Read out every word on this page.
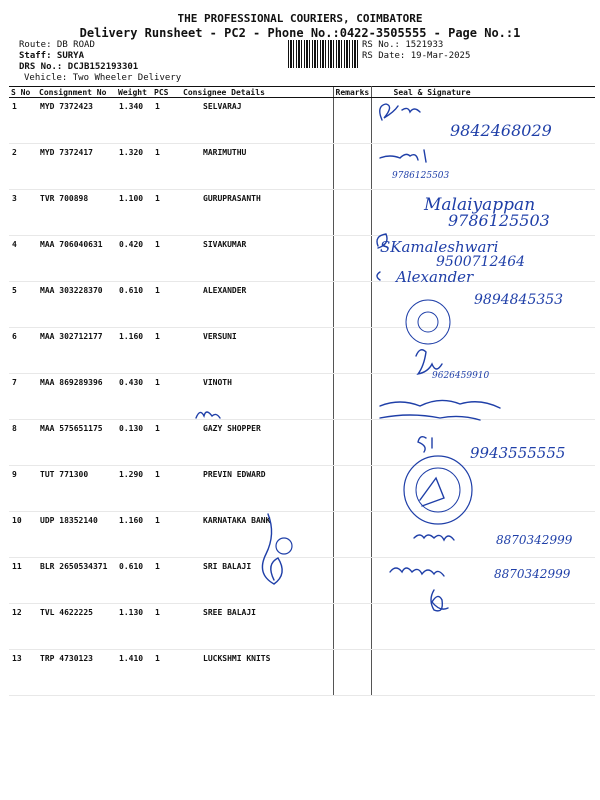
THE PROFESSIONAL COURIERS, COIMBATORE
Delivery Runsheet - PC2 - Phone No.:0422-3505555 - Page No.:1
Route: DB ROAD
Staff: SURYA
DRS No.: DCJB152193301
Vehicle: Two Wheeler Delivery
RS No.: 1521933
RS Date: 19-Mar-2025
S No	Consignment No	Weight	PCS	Consignee Details	Remarks	Seal & Signature
1	MYD 7372423	1.340	1	SELVARAJ		
2	MYD 7372417	1.320	1	MARIMUTHU		
3	TVR 700898	1.100	1	GURUPRASANTH		
4	MAA 706040631	0.420	1	SIVAKUMAR		
5	MAA 303228370	0.610	1	ALEXANDER		
6	MAA 302712177	1.160	1	VERSUNI		
7	MAA 869289396	0.430	1	VINOTH		
8	MAA 575651175	0.130	1	GAZY SHOPPER		
9	TUT 771300	1.290	1	PREVIN EDWARD		
10	UDP 18352140	1.160	1	KARNATAKA BANK		
11	BLR 2650534371	0.610	1	SRI BALAJI		
12	TVL 4622225	1.130	1	SREE BALAJI		
13	TRP 4730123	1.410	1	LUCKSHMI KNITS		
9842468029
9786125503
Malaiyappan
9786125503
SKamaleshwari
9500712464
Alexander
9894845353
9626459910
9943555555
8870342999
8870342999
